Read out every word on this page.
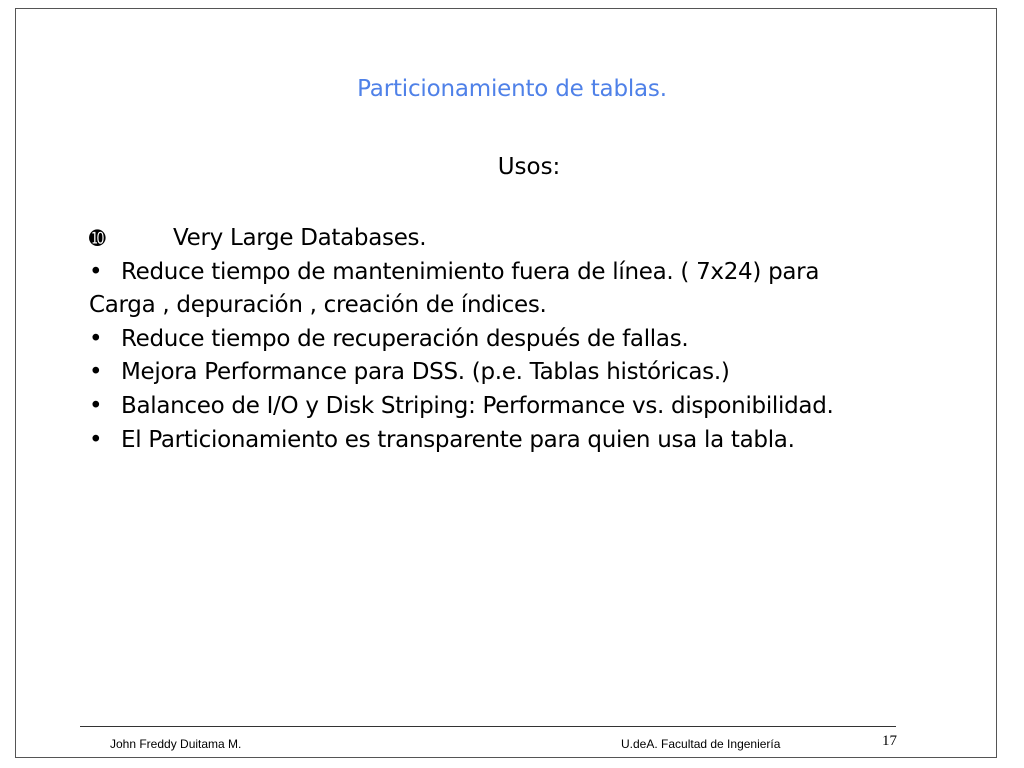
Particionamiento de tablas.
Usos:
➓	Very Large Databases.
• Reduce tiempo de mantenimiento fuera de línea. ( 7x24) para
Carga , depuración , creación de índices.
• Reduce tiempo de recuperación después de fallas.
• Mejora Performance para DSS. (p.e. Tablas históricas.)
• Balanceo de I/O y Disk Striping: Performance vs. disponibilidad.
• El Particionamiento es transparente para quien usa la tabla.
John Freddy Duitama M.	U.deA. Facultad de Ingeniería	17
